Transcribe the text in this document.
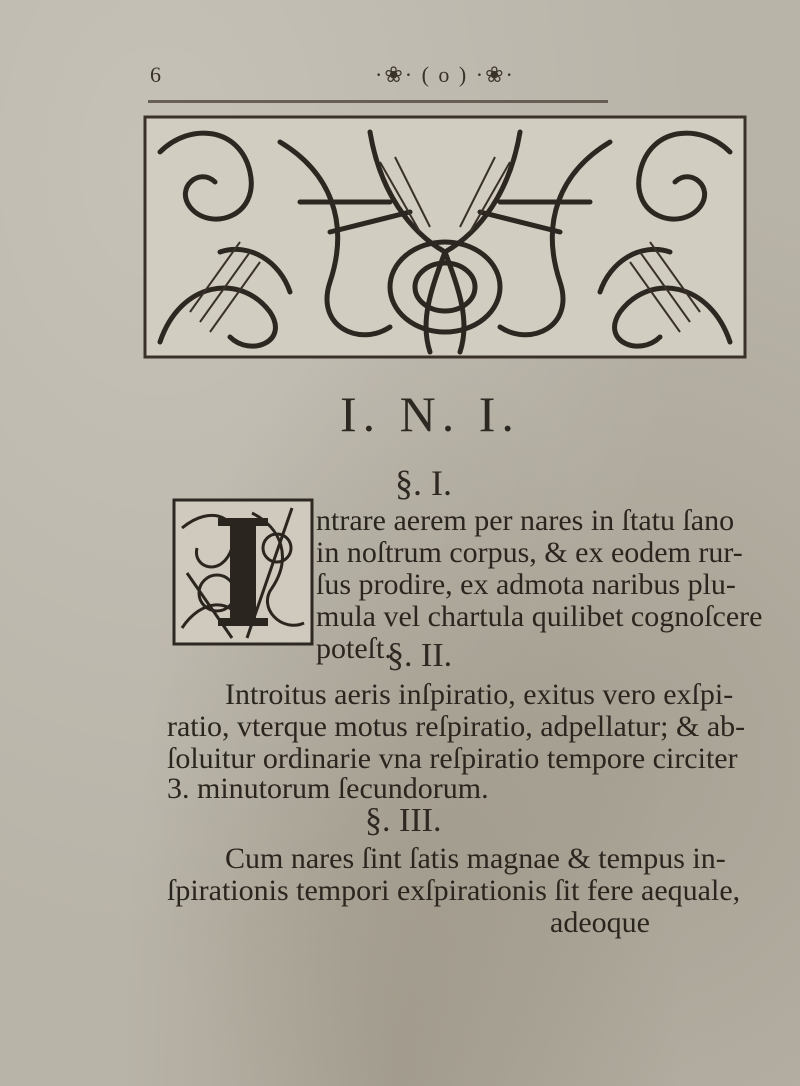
6	·❀· ( o ) ·❀·
I. N. I.
§. I.
ntrare aerem per nares in ſtatu ſano
in noſtrum corpus, & ex eodem rur-
ſus prodire, ex admota naribus plu-
mula vel chartula quilibet cognoſcere
poteſt.
§. II.
Introitus aeris inſpiratio, exitus vero exſpi-
ratio, vterque motus reſpiratio, adpellatur; & ab-
ſoluitur ordinarie vna reſpiratio tempore circiter
3. minutorum ſecundorum.
§. III.
Cum nares ſint ſatis magnae & tempus in-
ſpirationis tempori exſpirationis ſit fere aequale,
adeoque
